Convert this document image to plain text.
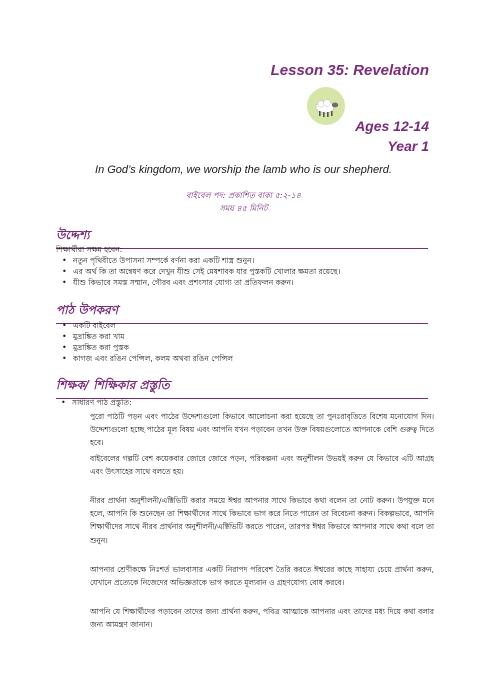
Lesson 35: Revelation
Ages 12-14
Year 1
In God’s kingdom, we worship the lamb who is our shepherd.
বাইবেল পদ: প্রকাশিত বাক্য ৫:২-১৪
সময় ৪৫ মিনিট
উদ্দেশ্য
শিক্ষার্থীরা সক্ষম হবেন:
• নতুন পৃথিবীতে উপাসনা সম্পর্কে বর্ণনা করা একটি শাস্ত্র শুনুন।
• এর অর্থ কি তা অন্বেষণ করে দেখুন যীশু সেই মেষশাবক যার পুস্তকটি খোলার ক্ষমতা রয়েছে।
• যীশু কিভাবে সমস্ত সম্মান, গৌরব এবং প্রশংসার যোগ্য তা প্রতিফলন করুন।
পাঠ উপকরণ
• একটি বাইবেল
• মুদ্রাঙ্কিত করা খাম
• মুদ্রাঙ্কিত করা পুস্তক
• কাগজ এবং রঙিন পেন্সিল, কলম অথবা রঙিন পেন্সিল
শিক্ষক/ শিক্ষিকার প্রস্তুতি
• সাধারণ পাঠ প্রস্তুতি:
▪ পুরো পাঠটি পড়ন এবং পাঠের উদ্দেশ্যগুলো কিভাবে আলোচনা করা হয়েছে তা পুনঃরাবৃত্তিতে বিশেষ মনোযোগ দিন। উদ্দেশ্যগুলো হচ্ছে পাঠের মূল বিষয় এবং আপনি যখন পড়াবেন তখন উক্ত বিষয়গুলোতে আপনাকে বেশি গুরুত্ব দিতে হবে।
▪ বাইবেলের গল্পটি বেশ কয়েকবার জোরে জোরে পড়ন, পরিকল্পনা এবং অনুশীলন উভয়ই করুন যে কিভাবে এটি আগ্রহ এবং উৎসাহের সাথে বলতে হয়।
▪ নীরব প্রার্থনা অনুশীলনী/এক্টিভিটি করার সময়ে ঈশ্বর আপনার সাথে কিভাবে কথা বলেন তা নোট করুন। উপযুক্ত মনে হলে, আপনি কি শুনেছেন তা শিক্ষার্থীদের সাথে কিভাবে ভাগ করে নিতে পারেন তা বিবেচনা করুন। বিকল্পভাবে, আপনি শিক্ষার্থীদের সাথে নীরব প্রার্থনার অনুশীলনী/এক্টিভিটি করতে পারেন, তারপর ঈশ্বর কিভাবে আপনার সাথে কথা বলে তা শুনুন।
▪ আপনার শ্রেণীকক্ষে নিঃশর্ত ভালবাসার একটি নিরাপদ পরিবেশ তৈরি করতে ঈশ্বরের কাছে সাহায্য চেয়ে প্রার্থনা করুন, যেখানে প্রত্যেকে নিজেদের অভিজ্ঞতাকে ভাগ করতে মূল্যবান ও গ্রহণযোগ্য বোধ করবে।
▪ আপনি যে শিক্ষার্থীদের পড়াবেন তাদের জন্য প্রার্থনা করুন, পবিত্র আত্মাকে আপনার এবং তাদের মধ্য দিয়ে কথা বলার জন্য আমন্ত্রণ জানান।
